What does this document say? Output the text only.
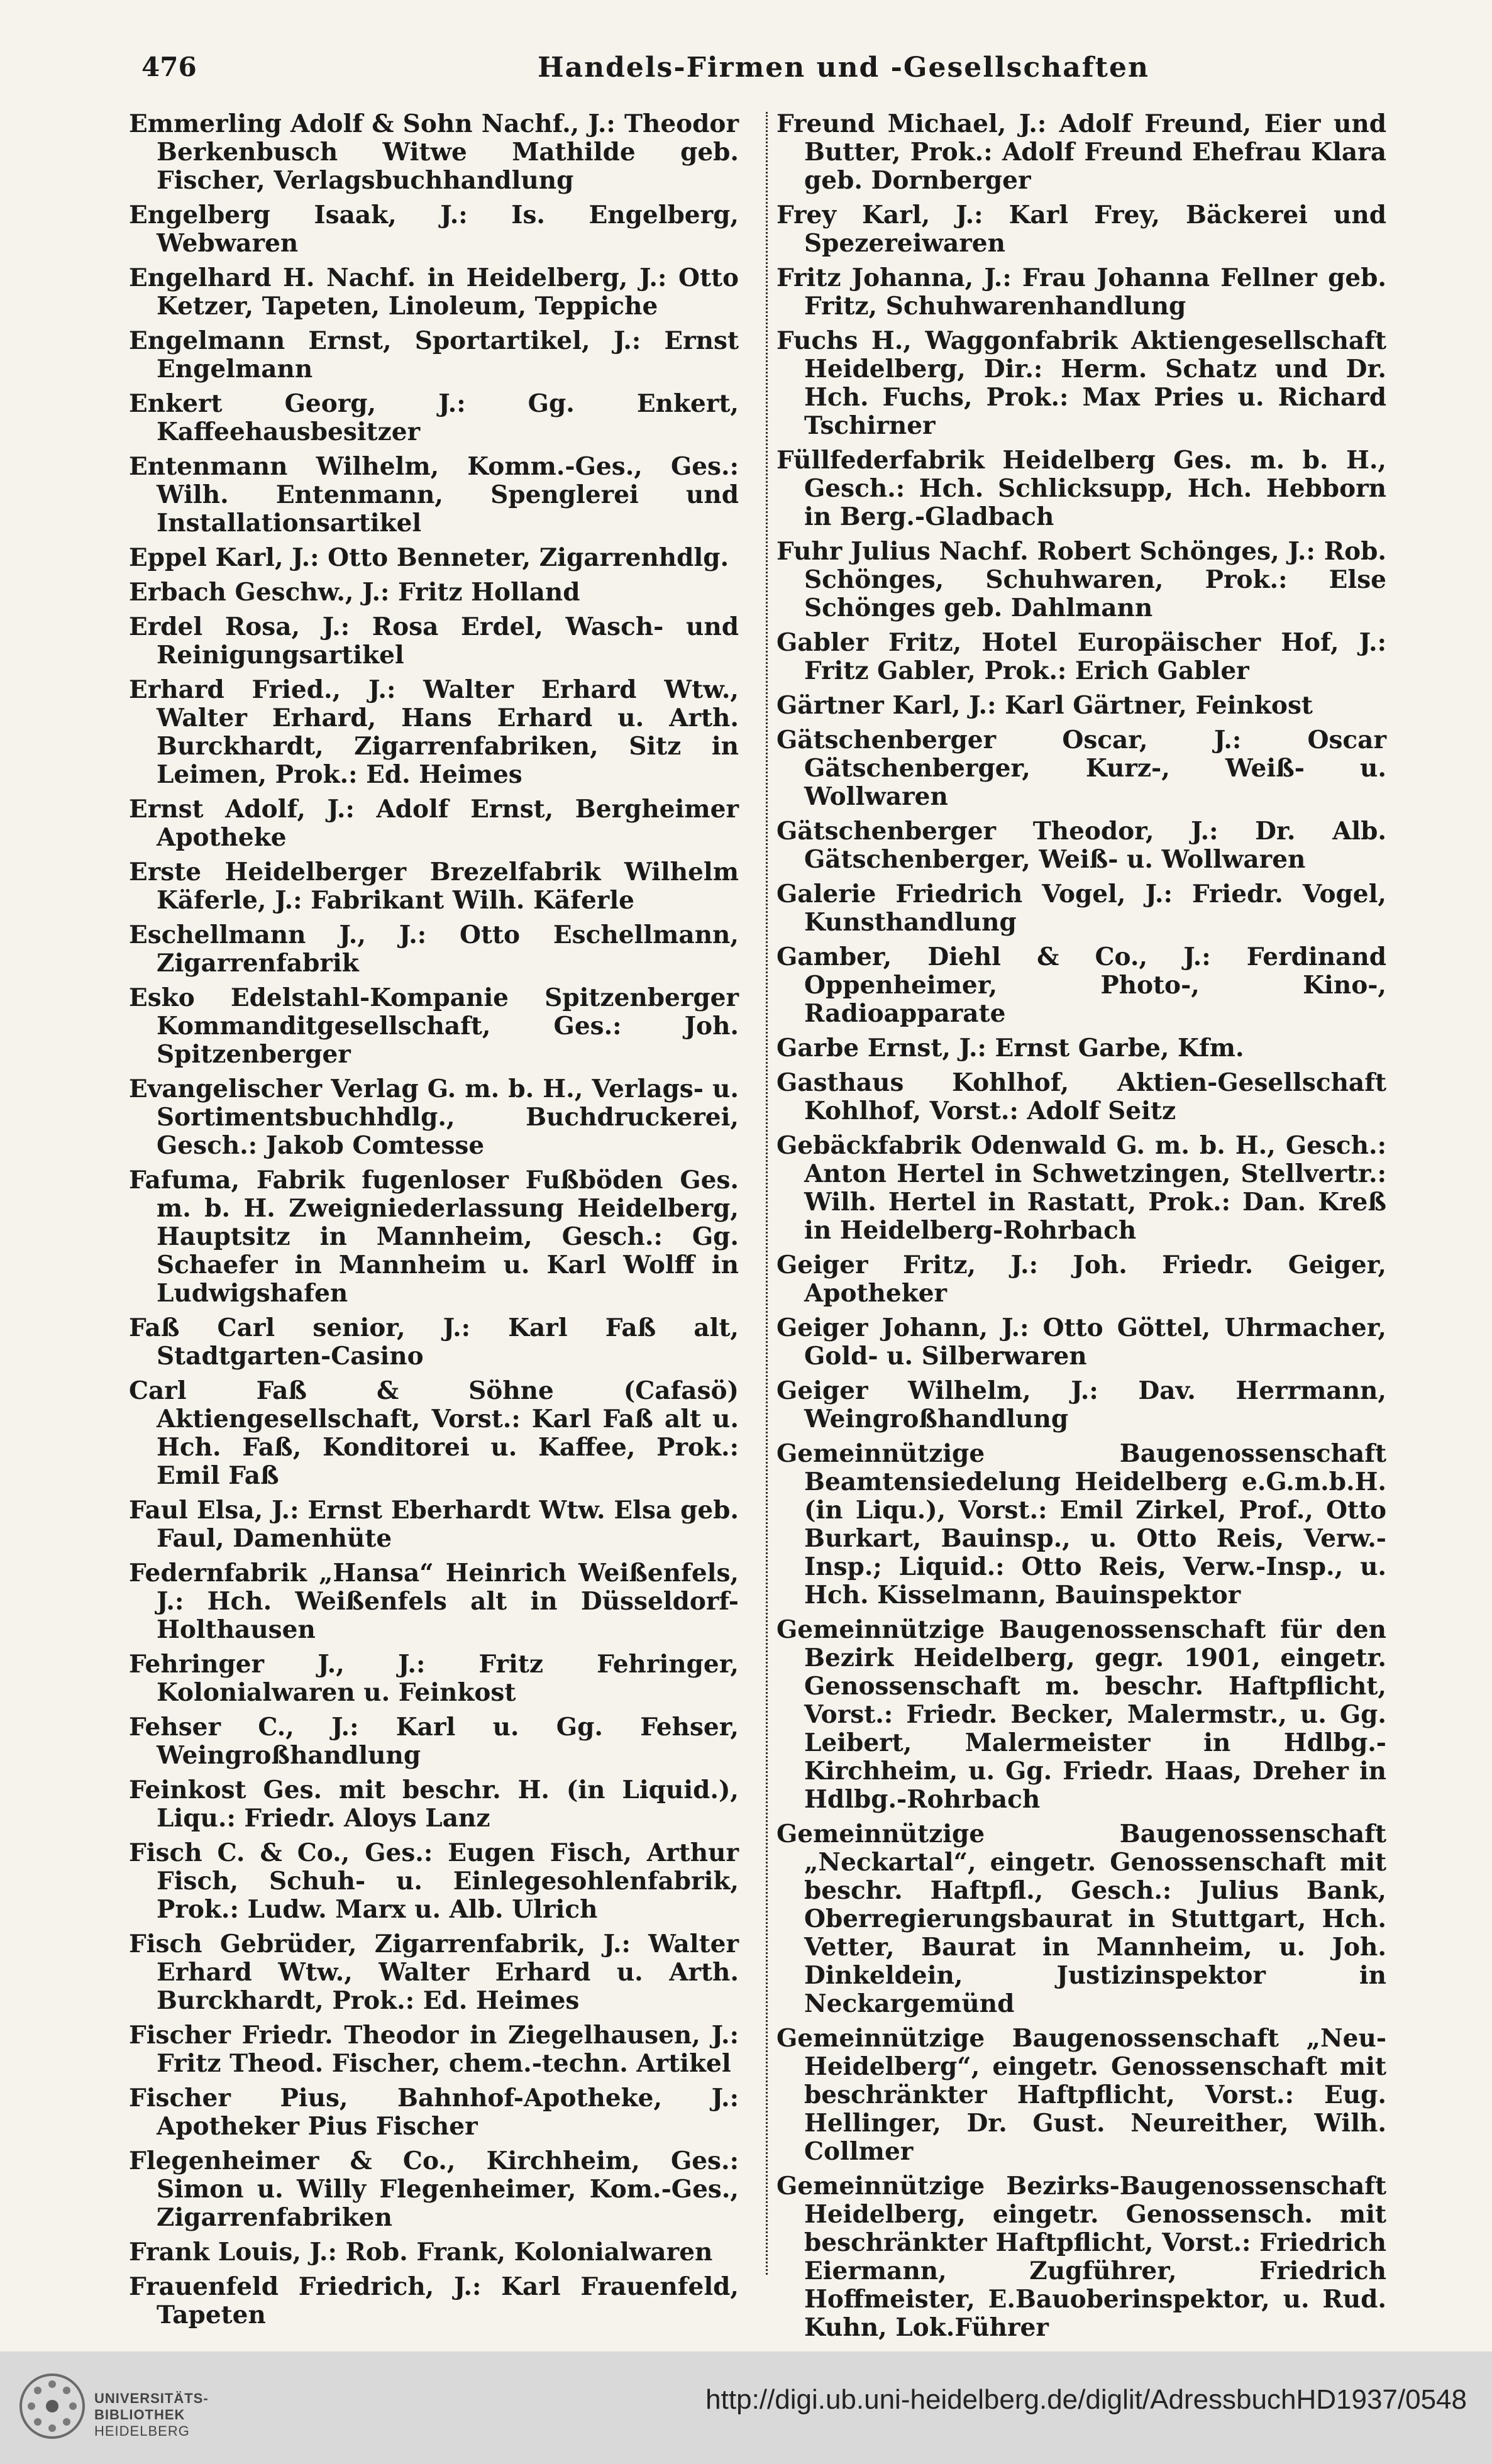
476	Handels-Firmen und -Gesellschaften

Emmerling Adolf & Sohn Nachf., J.: Theodor Berkenbusch Witwe Mathilde geb. Fischer, Verlagsbuchhandlung

Engelberg Isaak, J.: Is. Engelberg, Webwaren

Engelhard H. Nachf. in Heidelberg, J.: Otto Ketzer, Tapeten, Linoleum, Teppiche

Engelmann Ernst, Sportartikel, J.: Ernst Engelmann

Enkert Georg, J.: Gg. Enkert, Kaffeehausbesitzer

Entenmann Wilhelm, Komm.-Ges., Ges.: Wilh. Entenmann, Spenglerei und Installationsartikel

Eppel Karl, J.: Otto Benneter, Zigarrenhdlg.

Erbach Geschw., J.: Fritz Holland

Erdel Rosa, J.: Rosa Erdel, Wasch- und Reinigungsartikel

Erhard Fried., J.: Walter Erhard Wtw., Walter Erhard, Hans Erhard u. Arth. Burckhardt, Zigarrenfabriken, Sitz in Leimen, Prok.: Ed. Heimes

Ernst Adolf, J.: Adolf Ernst, Bergheimer Apotheke

Erste Heidelberger Brezelfabrik Wilhelm Käferle, J.: Fabrikant Wilh. Käferle

Eschellmann J., J.: Otto Eschellmann, Zigarrenfabrik

Esko Edelstahl-Kompanie Spitzenberger Kommanditgesellschaft, Ges.: Joh. Spitzenberger

Evangelischer Verlag G. m. b. H., Verlags- u. Sortimentsbuchhdlg., Buchdruckerei, Gesch.: Jakob Comtesse

Fafuma, Fabrik fugenloser Fußböden Ges. m. b. H. Zweigniederlassung Heidelberg, Hauptsitz in Mannheim, Gesch.: Gg. Schaefer in Mannheim u. Karl Wolff in Ludwigshafen

Faß Carl senior, J.: Karl Faß alt, Stadtgarten-Casino

Carl Faß & Söhne (Cafasö) Aktiengesellschaft, Vorst.: Karl Faß alt u. Hch. Faß, Konditorei u. Kaffee, Prok.: Emil Faß

Faul Elsa, J.: Ernst Eberhardt Wtw. Elsa geb. Faul, Damenhüte

Federnfabrik „Hansa“ Heinrich Weißenfels, J.: Hch. Weißenfels alt in Düsseldorf-Holthausen

Fehringer J., J.: Fritz Fehringer, Kolonialwaren u. Feinkost

Fehser C., J.: Karl u. Gg. Fehser, Weingroßhandlung

Feinkost Ges. mit beschr. H. (in Liquid.), Liqu.: Friedr. Aloys Lanz

Fisch C. & Co., Ges.: Eugen Fisch, Arthur Fisch, Schuh- u. Einlegesohlenfabrik, Prok.: Ludw. Marx u. Alb. Ulrich

Fisch Gebrüder, Zigarrenfabrik, J.: Walter Erhard Wtw., Walter Erhard u. Arth. Burckhardt, Prok.: Ed. Heimes

Fischer Friedr. Theodor in Ziegelhausen, J.: Fritz Theod. Fischer, chem.-techn. Artikel

Fischer Pius, Bahnhof-Apotheke, J.: Apotheker Pius Fischer

Flegenheimer & Co., Kirchheim, Ges.: Simon u. Willy Flegenheimer, Kom.-Ges., Zigarrenfabriken

Frank Louis, J.: Rob. Frank, Kolonialwaren

Frauenfeld Friedrich, J.: Karl Frauenfeld, Tapeten

Freund Michael, J.: Adolf Freund, Eier und Butter, Prok.: Adolf Freund Ehefrau Klara geb. Dornberger

Frey Karl, J.: Karl Frey, Bäckerei und Spezereiwaren

Fritz Johanna, J.: Frau Johanna Fellner geb. Fritz, Schuhwarenhandlung

Fuchs H., Waggonfabrik Aktiengesellschaft Heidelberg, Dir.: Herm. Schatz und Dr. Hch. Fuchs, Prok.: Max Pries u. Richard Tschirner

Füllfederfabrik Heidelberg Ges. m. b. H., Gesch.: Hch. Schlicksupp, Hch. Hebborn in Berg.-Gladbach

Fuhr Julius Nachf. Robert Schönges, J.: Rob. Schönges, Schuhwaren, Prok.: Else Schönges geb. Dahlmann

Gabler Fritz, Hotel Europäischer Hof, J.: Fritz Gabler, Prok.: Erich Gabler

Gärtner Karl, J.: Karl Gärtner, Feinkost

Gätschenberger Oscar, J.: Oscar Gätschenberger, Kurz-, Weiß- u. Wollwaren

Gätschenberger Theodor, J.: Dr. Alb. Gätschenberger, Weiß- u. Wollwaren

Galerie Friedrich Vogel, J.: Friedr. Vogel, Kunsthandlung

Gamber, Diehl & Co., J.: Ferdinand Oppenheimer, Photo-, Kino-, Radioapparate

Garbe Ernst, J.: Ernst Garbe, Kfm.

Gasthaus Kohlhof, Aktien-Gesellschaft Kohlhof, Vorst.: Adolf Seitz

Gebäckfabrik Odenwald G. m. b. H., Gesch.: Anton Hertel in Schwetzingen, Stellvertr.: Wilh. Hertel in Rastatt, Prok.: Dan. Kreß in Heidelberg-Rohrbach

Geiger Fritz, J.: Joh. Friedr. Geiger, Apotheker

Geiger Johann, J.: Otto Göttel, Uhrmacher, Gold- u. Silberwaren

Geiger Wilhelm, J.: Dav. Herrmann, Weingroßhandlung

Gemeinnützige Baugenossenschaft Beamtensiedelung Heidelberg e.G.m.b.H. (in Liqu.), Vorst.: Emil Zirkel, Prof., Otto Burkart, Bauinsp., u. Otto Reis, Verw.-Insp.; Liquid.: Otto Reis, Verw.-Insp., u. Hch. Kisselmann, Bauinspektor

Gemeinnützige Baugenossenschaft für den Bezirk Heidelberg, gegr. 1901, eingetr. Genossenschaft m. beschr. Haftpflicht, Vorst.: Friedr. Becker, Malermstr., u. Gg. Leibert, Malermeister in Hdlbg.-Kirchheim, u. Gg. Friedr. Haas, Dreher in Hdlbg.-Rohrbach

Gemeinnützige Baugenossenschaft „Neckartal“, eingetr. Genossenschaft mit beschr. Haftpfl., Gesch.: Julius Bank, Oberregierungsbaurat in Stuttgart, Hch. Vetter, Baurat in Mannheim, u. Joh. Dinkeldein, Justizinspektor in Neckargemünd

Gemeinnützige Baugenossenschaft „Neu-Heidelberg“, eingetr. Genossenschaft mit beschränkter Haftpflicht, Vorst.: Eug. Hellinger, Dr. Gust. Neureither, Wilh. Collmer

Gemeinnützige Bezirks-Baugenossenschaft Heidelberg, eingetr. Genossensch. mit beschränkter Haftpflicht, Vorst.: Friedrich Eiermann, Zugführer, Friedrich Hoffmeister, E.Bauoberinspektor, u. Rud. Kuhn, Lok.Führer

UNIVERSITÄTS-
BIBLIOTHEK
HEIDELBERG
http://digi.ub.uni-heidelberg.de/diglit/AdressbuchHD1937/0548
